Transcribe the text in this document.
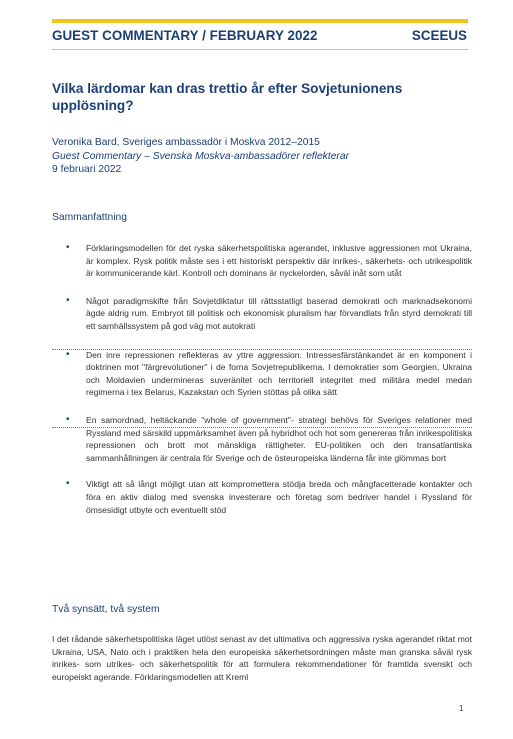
GUEST COMMENTARY / FEBRUARY 2022	SCEEUS
Vilka lärdomar kan dras trettio år efter Sovjetunionens upplösning?
Veronika Bard, Sveriges ambassadör i Moskva 2012–2015
Guest Commentary – Svenska Moskva-ambassadörer reflekterar
9 februari 2022
Sammanfattning
• Förklaringsmodellen för det ryska säkerhetspolitiska agerandet, inklusive aggressionen mot Ukraina, är komplex. Rysk politik måste ses i ett historiskt perspektiv där inrikes-, säkerhets- och utrikespolitik är kommunicerande kärl. Kontroll och dominans är nyckelorden, såväl inåt som utåt
• Något paradigmskifte från Sovjetdiktatur till rättsstatligt baserad demokrati och marknadsekonomi ägde aldrig rum. Embryot till politisk och ekonomisk pluralism har förvandlats från styrd demokrati till ett samhällssystem på god väg mot autokrati
• Den inre repressionen reflekteras av yttre aggression. Intressesfärstänkandet är en komponent i doktrinen mot "färgrevolutioner" i de forna Sovjetrepublikerna. I demokratier som Georgien, Ukraina och Moldavien undermineras suveränitet och territoriell integritet med militära medel medan regimerna i tex Belarus, Kazakstan och Syrien stöttas på olika sätt
• En samordnad, heltäckande "whole of government"- strategi behövs för Sveriges relationer med Ryssland med särskild uppmärksamhet även på hybridhot och hot som genereras från inrikespolitiska repressionen och brott mot mänskliga rättigheter. EU-politiken och den transatlantiska sammanhållningen är centrala för Sverige och de östeuropeiska länderna får inte glömmas bort
• Viktigt att så långt möjligt utan att kompromettera stödja breda och mångfacetterade kontakter och föra en aktiv dialog med svenska investerare och företag som bedriver handel i Ryssland för ömsesidigt utbyte och eventuellt stöd
Två synsätt, två system

I det rådande säkerhetspolitiska läget utlöst senast av det ultimativa och aggressiva ryska agerandet riktat mot Ukraina, USA, Nato och i praktiken hela den europeiska säkerhetsordningen måste man granska såväl rysk inrikes- som utrikes- och säkerhetspolitik för att formulera rekommendationer för framtida svenskt och europeiskt agerande. Förklaringsmodellen att Kreml

1
